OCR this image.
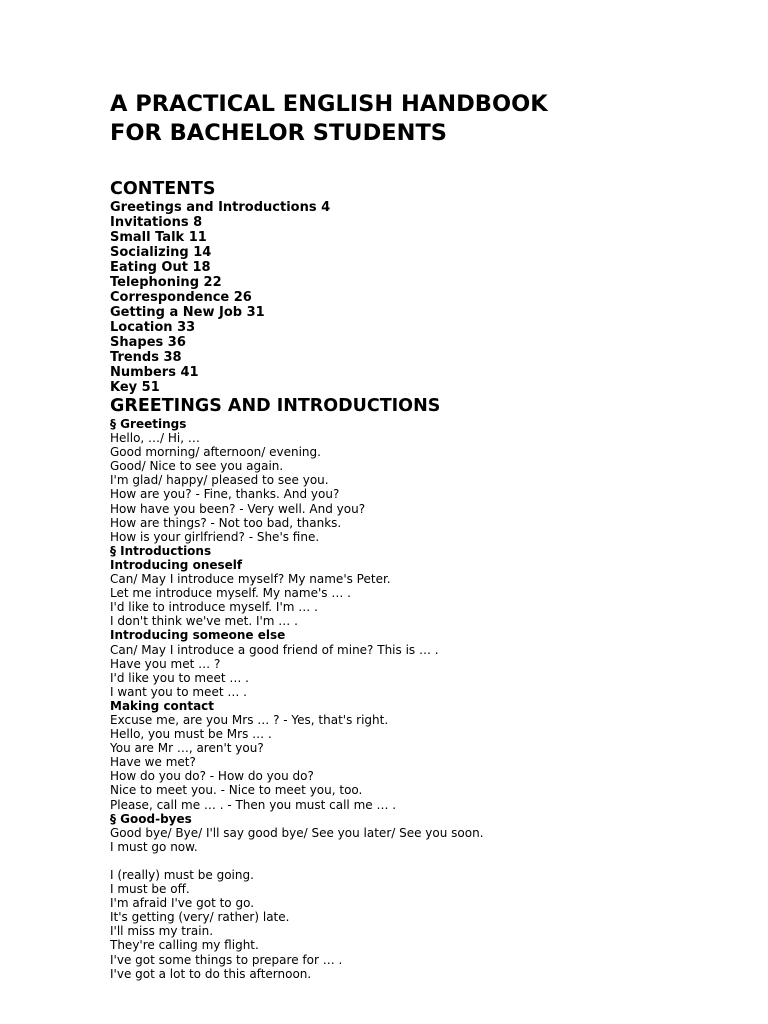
A PRACTICAL ENGLISH HANDBOOK
FOR BACHELOR STUDENTS
CONTENTS
Greetings and Introductions 4
Invitations 8
Small Talk 11
Socializing 14
Eating Out 18
Telephoning 22
Correspondence 26
Getting a New Job 31
Location 33
Shapes 36
Trends 38
Numbers 41
Key 51
GREETINGS AND INTRODUCTIONS
§ Greetings
Hello, …/ Hi, …
Good morning/ afternoon/ evening.
Good/ Nice to see you again.
I'm glad/ happy/ pleased to see you.
How are you? - Fine, thanks. And you?
How have you been? - Very well. And you?
How are things? - Not too bad, thanks.
How is your girlfriend? - She's fine.
§ Introductions
Introducing oneself
Can/ May I introduce myself? My name's Peter.
Let me introduce myself. My name's … .
I'd like to introduce myself. I'm … .
I don't think we've met. I'm … .
Introducing someone else
Can/ May I introduce a good friend of mine? This is … .
Have you met … ?
I'd like you to meet … .
I want you to meet … .
Making contact
Excuse me, are you Mrs … ? - Yes, that's right.
Hello, you must be Mrs … .
You are Mr …, aren't you?
Have we met?
How do you do? - How do you do?
Nice to meet you. - Nice to meet you, too.
Please, call me … . - Then you must call me … .
§ Good-byes
Good bye/ Bye/ I'll say good bye/ See you later/ See you soon.
I must go now.
I (really) must be going.
I must be off.
I'm afraid I've got to go.
It's getting (very/ rather) late.
I'll miss my train.
They're calling my flight.
I've got some things to prepare for … .
I've got a lot to do this afternoon.
